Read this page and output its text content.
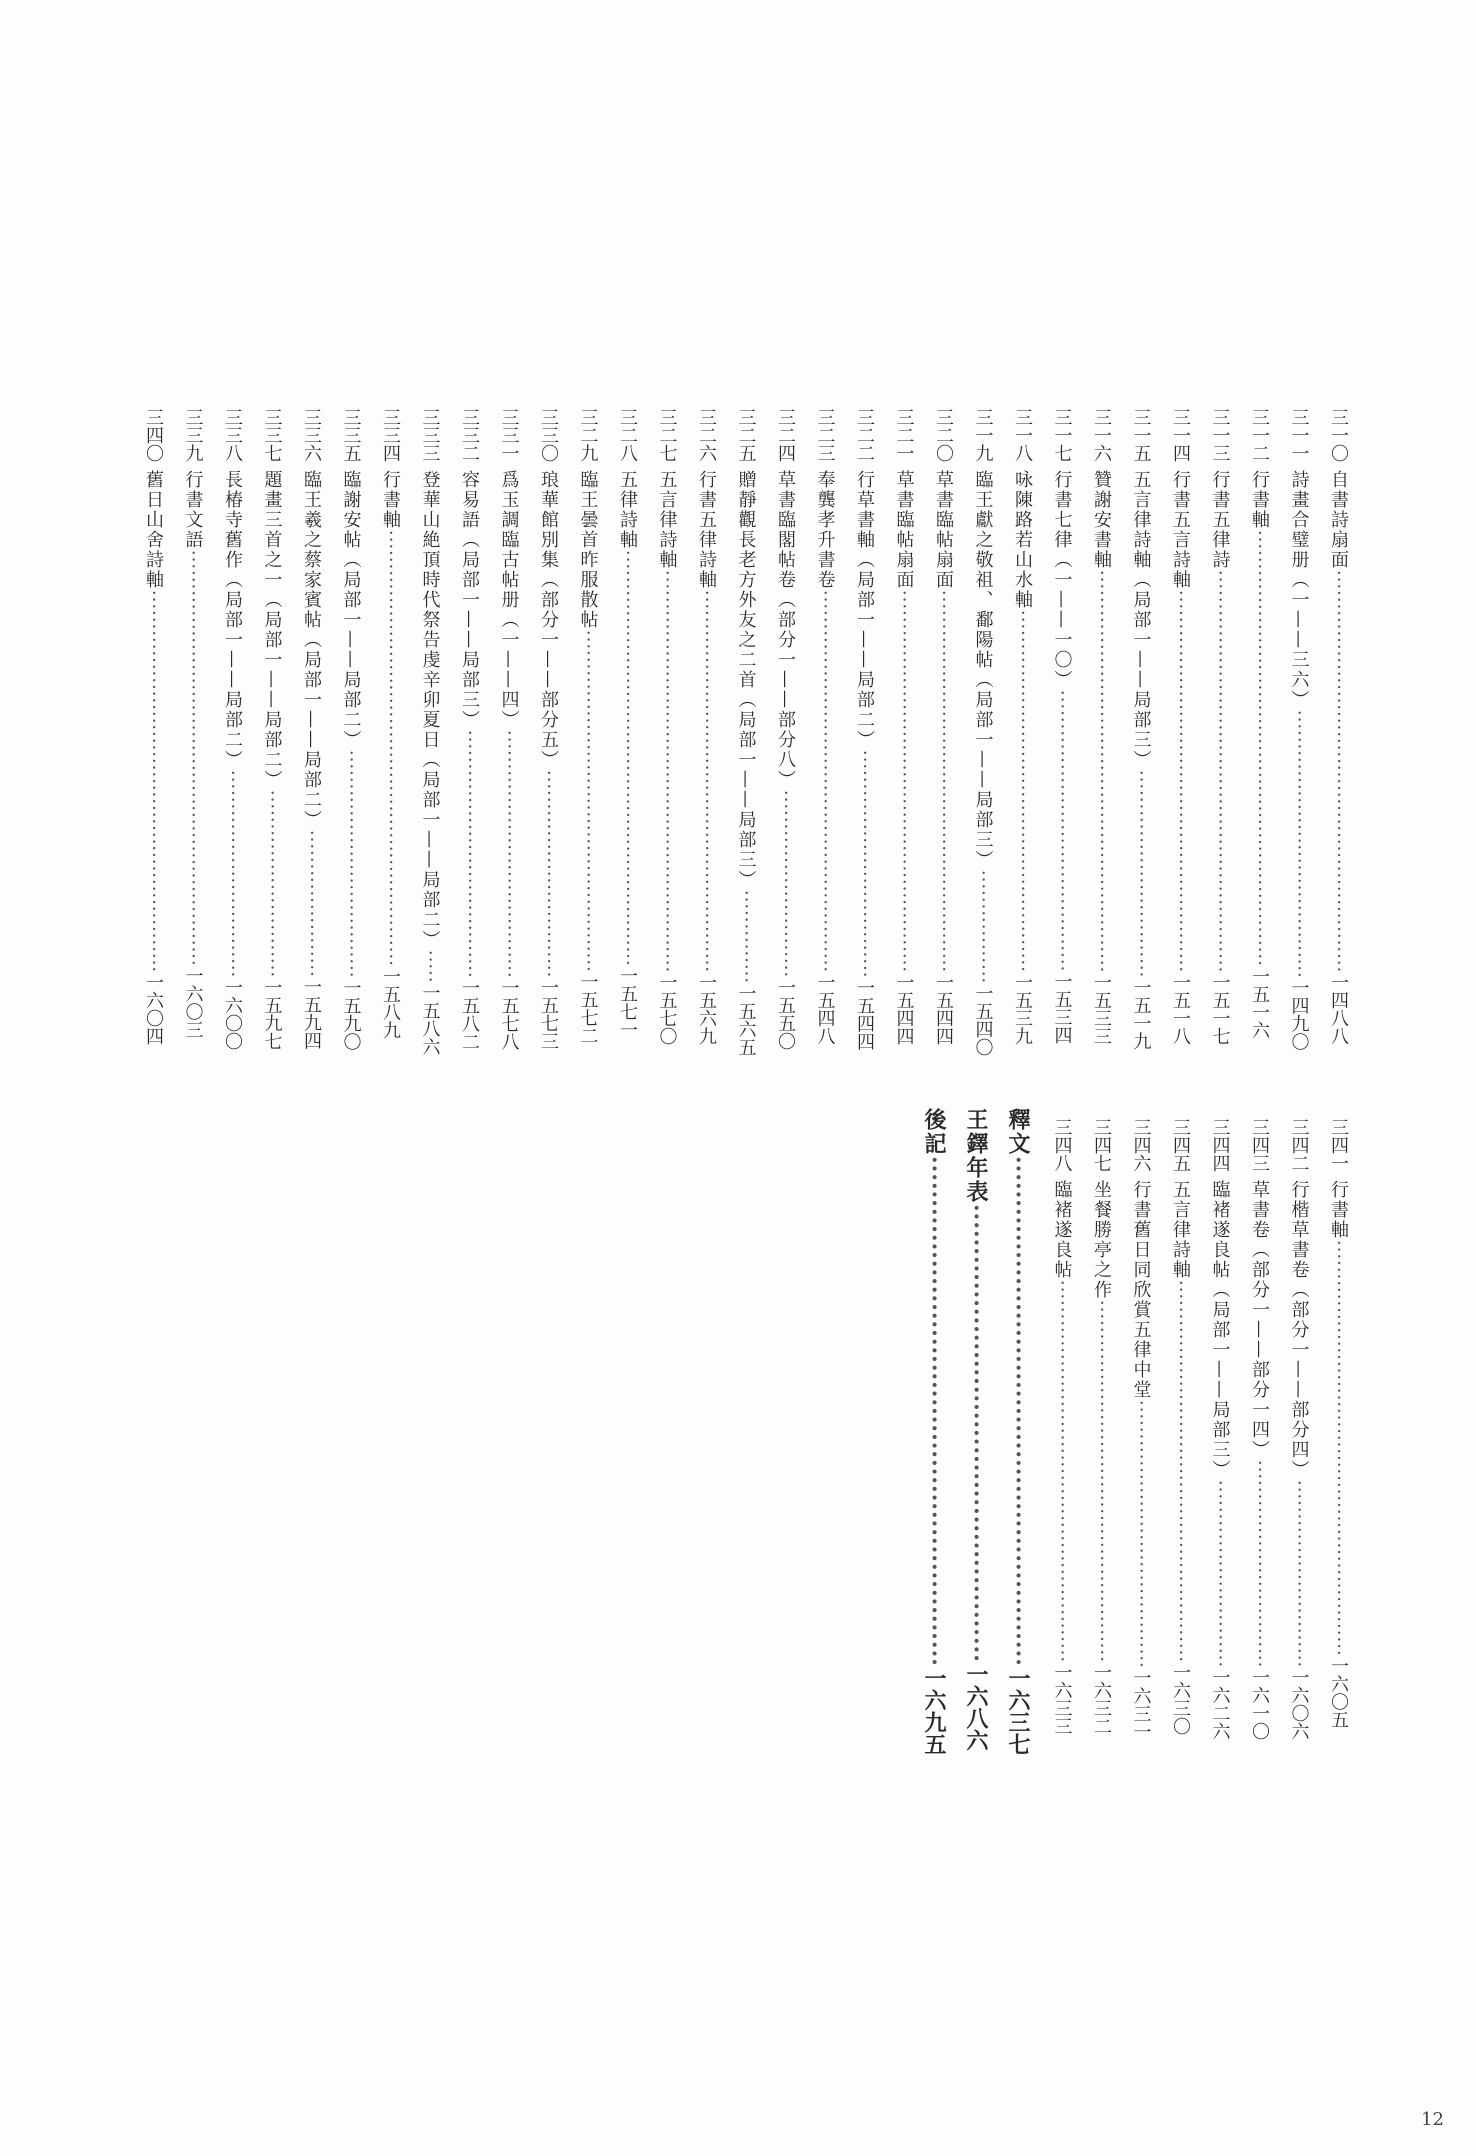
三一〇自書詩扇面····························································一四八八
三一一詩畫合璧册（一——三六）········································一四九〇
三一二行書軸·································································一五一六
三一三行書五律詩····························································一五一七
三一四行書五言詩軸·························································一五一八
三一五五言律詩軸（局部一——局部三）·······························一五一九
三一六贊謝安書軸····························································一五三三
三一七行書七律（一——一〇）··········································一五三四
三一八咏陳路若山水軸······················································一五三九
三一九臨王獻之敬祖、鄱陽帖（局部一——局部三）·················一五四〇
三二〇草書臨帖扇面·························································一五四四
三二一草書臨帖扇面·························································一五四四
三二二行草書軸（局部一——局部二）··································一五四四
三二三奉龔孝升書卷·························································一五四八
三二四草書臨閣帖卷（部分一——部分八）····························一五五〇
三二五贈靜觀長老方外友之二首（局部一——局部三）··············一五六五
三二六行書五律詩軸·························································一五六九
三二七五言律詩軸····························································一五七〇
三二八五律詩軸······························································一五七一
三二九臨王曇首昨服散帖···················································一五七二
三三〇琅華館別集（部分一——部分五）·······························一五七三
三三一爲玉調臨古帖册（一——四）·····································一五七八
三三二容易語（局部一——局部三）·····································一五八二
三三三登華山絶頂時代祭告虔辛卯夏日（局部一——局部二）·····一五八六
三三四行書軸·································································一五八九
三三五臨謝安帖（局部一——局部二）··································一五九〇
三三六臨王羲之蔡家賓帖（局部一——局部二）······················一五九四
三三七題畫三首之一（局部一——局部二）····························一五九七
三三八長椿寺舊作（局部一——局部二）·······························一六〇〇
三三九行書文語······························································一六〇三
三四〇舊日山舍詩軸·························································一六〇四
三四一行書軸······························································一六〇五
三四二行楷草書卷（部分一——部分四）····························一六〇六
三四三草書卷（部分一——部分一四）·······························一六一〇
三四四臨褚遂良帖（局部一——局部三）····························一六二六
三四五五言律詩軸·························································一六三〇
三四六行書舊日同欣賞五律中堂········································一六三一
三四七坐餐勝亭之作······················································一六三二
三四八臨褚遂良帖·························································一六三三
釋文···························································一六三七
王鐸年表·····················································一六八六
後記···························································一六九五
12
